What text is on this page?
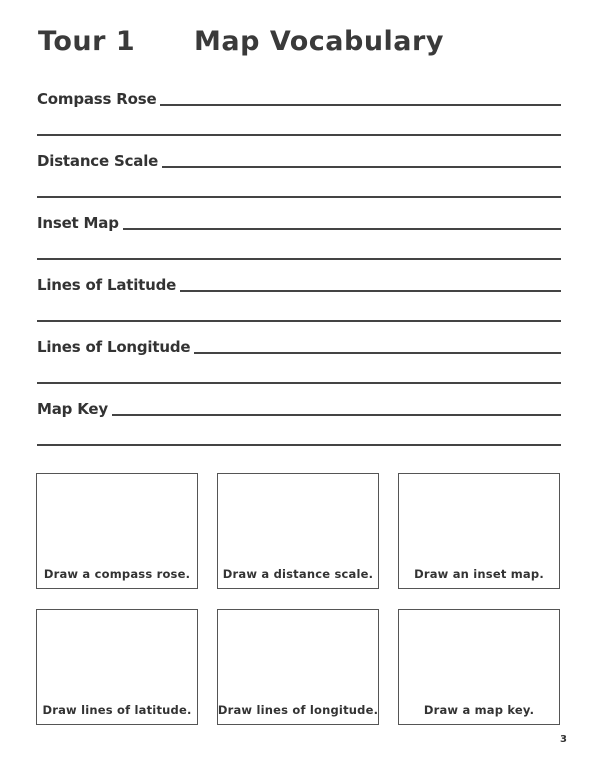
Tour 1 Map Vocabulary
Compass Rose
Distance Scale
Inset Map
Lines of Latitude
Lines of Longitude
Map Key
Draw a compass rose.	Draw a distance scale.	Draw an inset map.
Draw lines of latitude. Draw lines of longitude.	Draw a map key.
3
